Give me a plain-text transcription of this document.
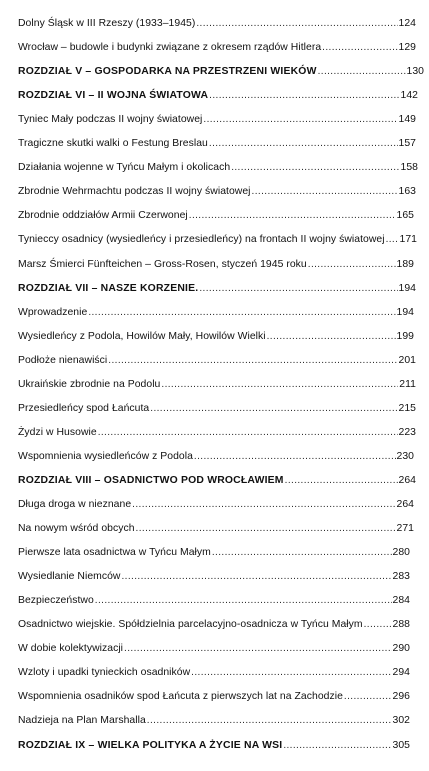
Dolny Śląsk w III Rzeszy (1933–1945) .....	124
Wrocław – budowle i budynki związane z okresem rządów Hitlera .....	129
ROZDZIAŁ V – GOSPODARKA NA PRZESTRZENI WIEKÓW .....	130
ROZDZIAŁ VI – II WOJNA ŚWIATOWA .....	142
Tyniec Mały podczas II wojny światowej .....	149
Tragiczne skutki walki o Festung Breslau .....	157
Działania wojenne w Tyńcu Małym i okolicach .....	158
Zbrodnie Wehrmachtu podczas II wojny światowej .....	163
Zbrodnie oddziałów Armii Czerwonej .....	165
Tynieccy osadnicy (wysiedleńcy i przesiedleńcy) na frontach II wojny światowej ..... 171
Marsz Śmierci Fünfteichen – Gross-Rosen, styczeń 1945 roku .....	189
ROZDZIAŁ VII – NASZE KORZENIE. .....	194
Wprowadzenie .....	194
Wysiedleńcy z Podola, Howilów Mały, Howilów Wielki .....	199
Podłoże nienawiści .....	201
Ukraińskie zbrodnie na Podolu .....	211
Przesiedleńcy spod Łańcuta .....	215
Żydzi w Husowie .....	223
Wspomnienia wysiedleńców z Podola .....	230
ROZDZIAŁ VIII – OSADNICTWO POD WROCŁAWIEM .....	264
Długa droga w nieznane .....	264
Na nowym wśród obcych .....	271
Pierwsze lata osadnictwa w Tyńcu Małym .....	280
Wysiedlanie Niemców .....	283
Bezpieczeństwo .....	284
Osadnictwo wiejskie. Spółdzielnia parcelacyjno-osadnicza w Tyńcu Małym .....	288
W dobie kolektywizacji .....	290
Wzloty i upadki tynieckich osadników .....	294
Wspomnienia osadników spod Łańcuta z pierwszych lat na Zachodzie .....	296
Nadzieja na Plan Marshalla .....	302
ROZDZIAŁ IX – WIELKA POLITYKA A ŻYCIE NA WSI .....	305
